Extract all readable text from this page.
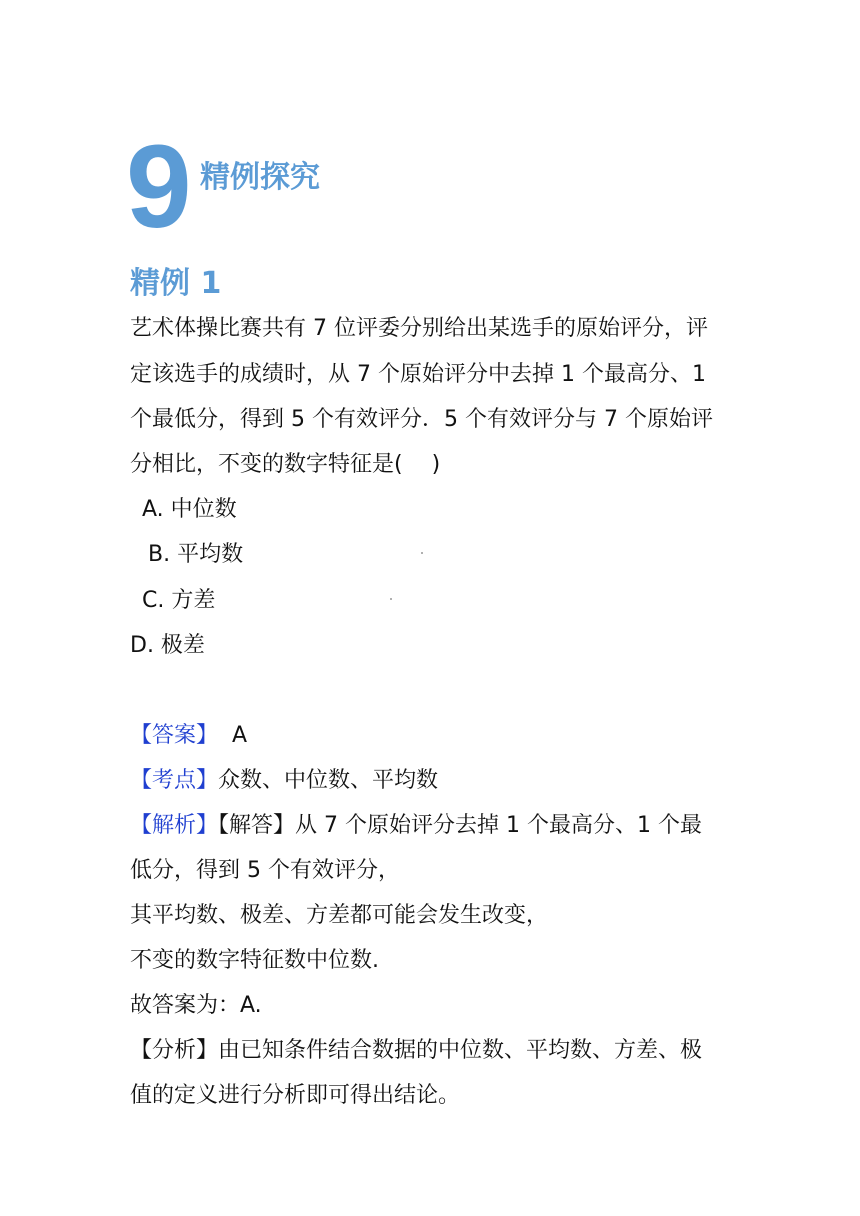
9 精例探究
精例 1
艺术体操比赛共有 7 位评委分别给出某选手的原始评分，评
定该选手的成绩时，从 7 个原始评分中去掉 1 个最高分、1
个最低分，得到 5 个有效评分．5 个有效评分与 7 个原始评
分相比，不变的数字特征是(　 )
A. 中位数
B. 平均数
C. 方差
D. 极差
【答案】 A
【考点】众数、中位数、平均数
【解析】【解答】从 7 个原始评分去掉 1 个最高分、1 个最
低分，得到 5 个有效评分，
其平均数、极差、方差都可能会发生改变，
不变的数字特征数中位数.
故答案为：A.
【分析】由已知条件结合数据的中位数、平均数、方差、极
值的定义进行分析即可得出结论。
